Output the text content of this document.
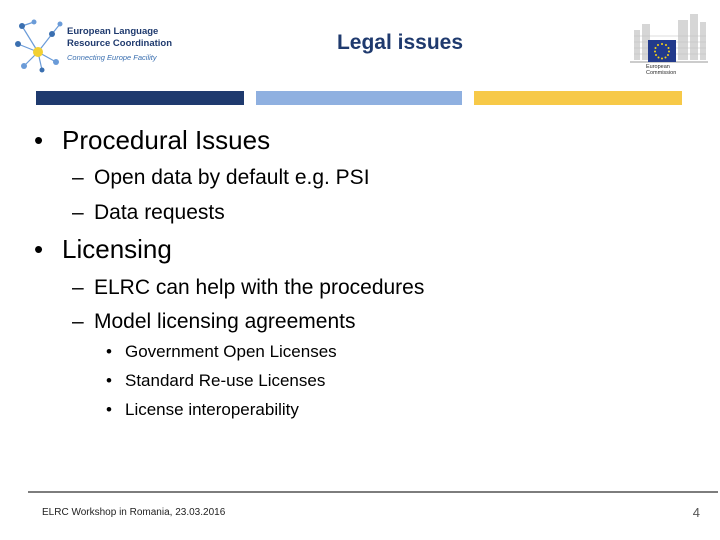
European Language
Resource Coordination
Connecting Europe Facility
Legal issues
European
Commission
• Procedural Issues
– Open data by default e.g. PSI
– Data requests
• Licensing
– ELRC can help with the procedures
– Model licensing agreements
• Government Open Licenses
• Standard Re-use Licenses
• License interoperability
ELRC Workshop in Romania, 23.03.2016	4
